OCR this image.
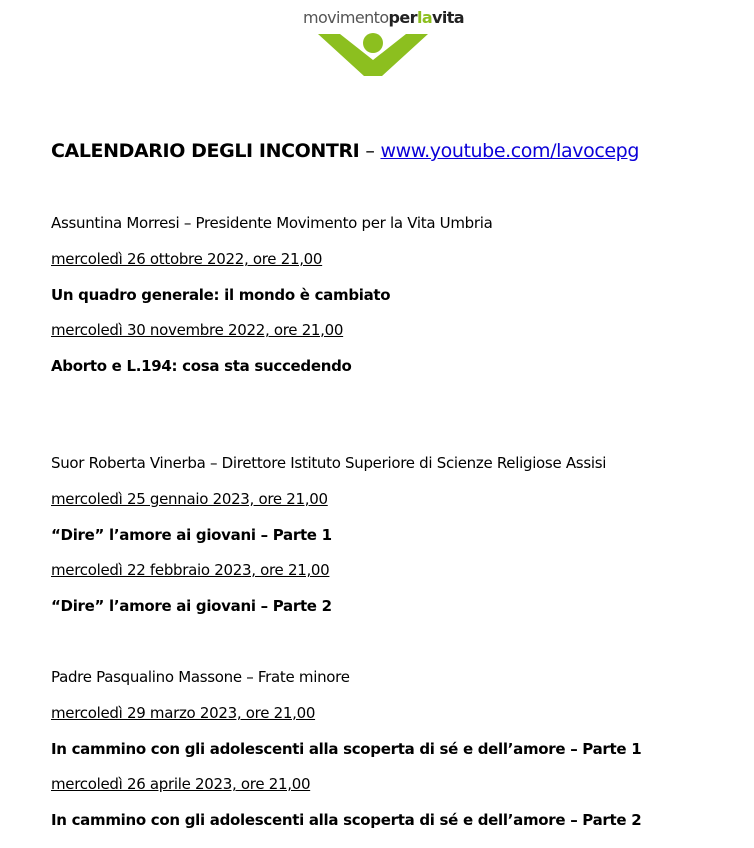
movimentoperlavita
CALENDARIO DEGLI INCONTRI – www.youtube.com/lavocepg
Assuntina Morresi – Presidente Movimento per la Vita Umbria
mercoledì 26 ottobre 2022, ore 21,00
Un quadro generale: il mondo è cambiato
mercoledì 30 novembre 2022, ore 21,00
Aborto e L.194: cosa sta succedendo
Suor Roberta Vinerba – Direttore Istituto Superiore di Scienze Religiose Assisi
mercoledì 25 gennaio 2023, ore 21,00
“Dire” l’amore ai giovani – Parte 1
mercoledì 22 febbraio 2023, ore 21,00
“Dire” l’amore ai giovani – Parte 2
Padre Pasqualino Massone – Frate minore
mercoledì 29 marzo 2023, ore 21,00
In cammino con gli adolescenti alla scoperta di sé e dell’amore – Parte 1
mercoledì 26 aprile 2023, ore 21,00
In cammino con gli adolescenti alla scoperta di sé e dell’amore – Parte 2
